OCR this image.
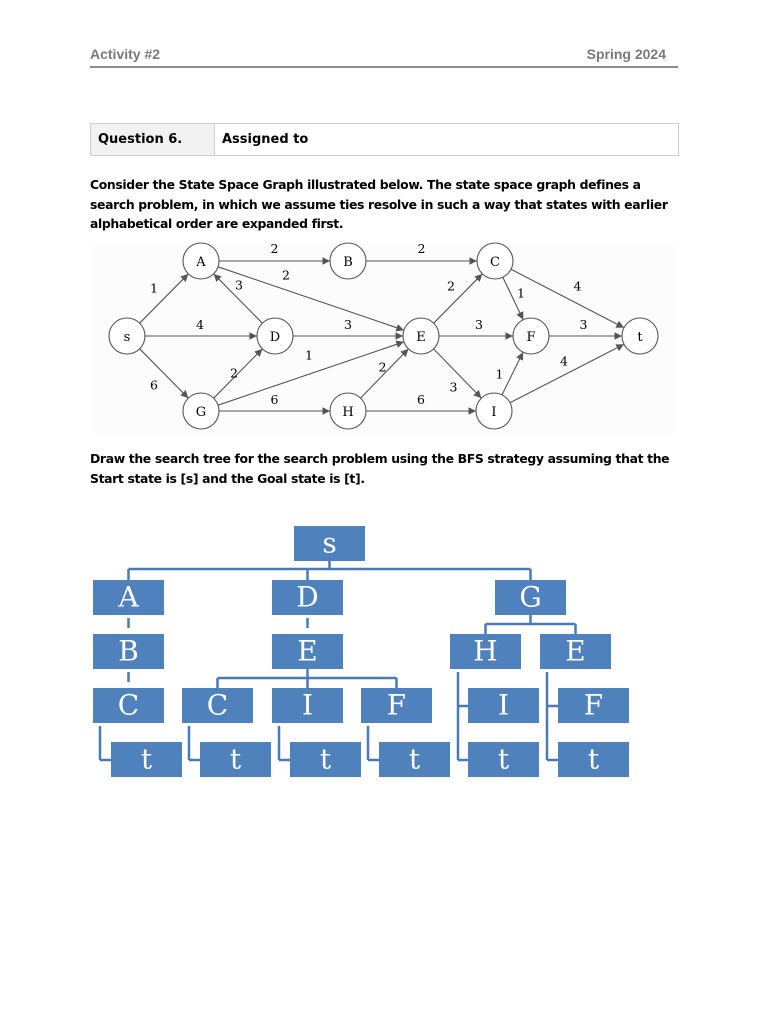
Activity #2	Spring 2024
Question 6.	Assigned to
Consider the State Space Graph illustrated below. The state space graph defines a search problem, in which we assume ties resolve in such a way that states with earlier alphabetical order are expanded first.
1
4
6
2
2
3
3
2
1
6
2
2
3
3
2
6
1	4
3
1
4
s
A	B	C
D	E	F
G	H	I
t
Draw the search tree for the search problem using the BFS strategy assuming that the Start state is [s] and the Goal state is [t].
s
A	D	G
B	E	H E
C C	I	F	I	F
t	t	t	t	t	t
